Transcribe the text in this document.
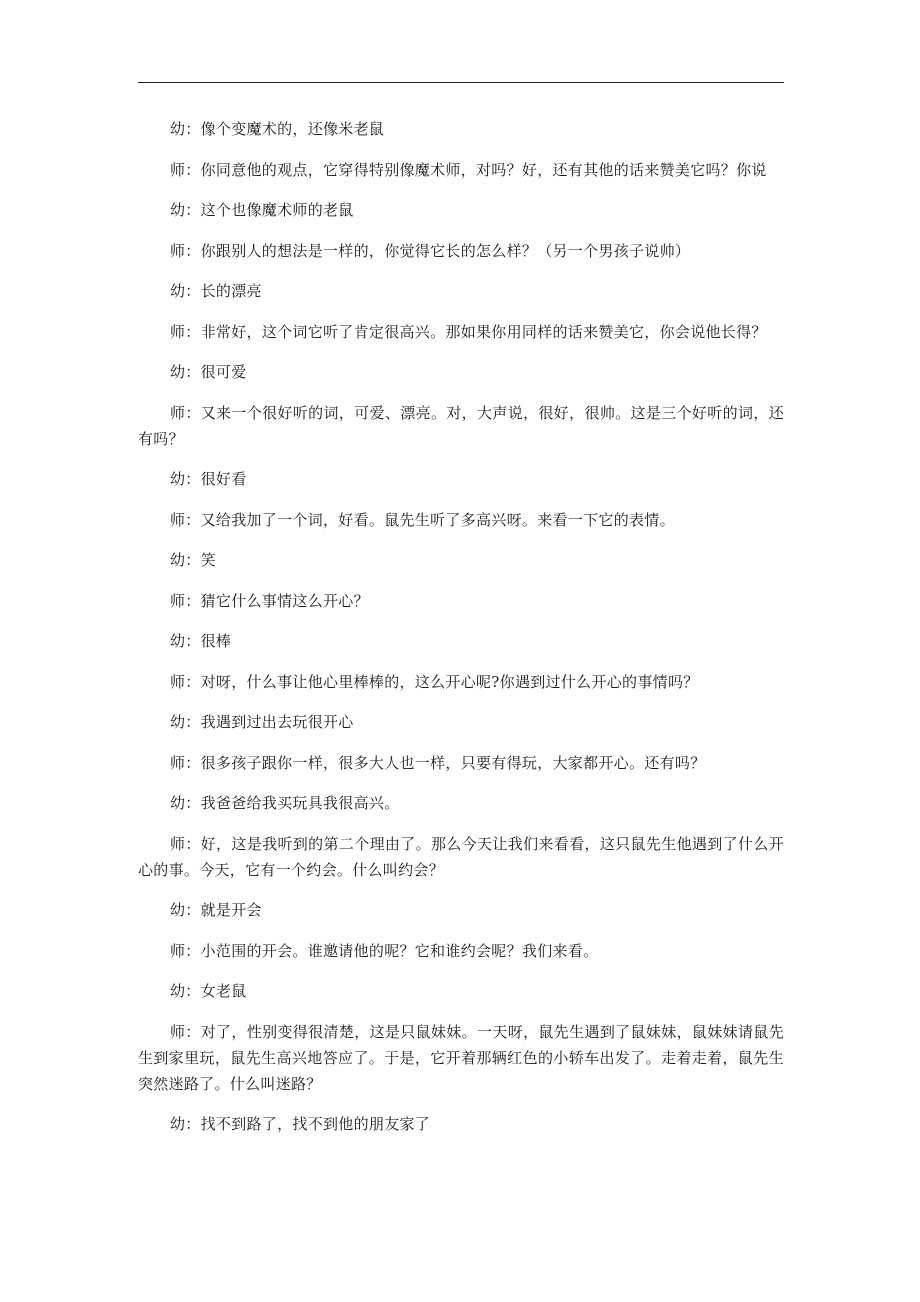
幼：像个变魔术的，还像米老鼠

师：你同意他的观点，它穿得特别像魔术师，对吗？好，还有其他的话来赞美它吗？你说

幼：这个也像魔术师的老鼠

师：你跟别人的想法是一样的，你觉得它长的怎么样？（另一个男孩子说帅）

幼：长的漂亮

师：非常好，这个词它听了肯定很高兴。那如果你用同样的话来赞美它，你会说他长得？

幼：很可爱

师：又来一个很好听的词，可爱、漂亮。对，大声说，很好，很帅。这是三个好听的词，还有吗？

幼：很好看

师：又给我加了一个词，好看。鼠先生听了多高兴呀。来看一下它的表情。

幼：笑

师：猜它什么事情这么开心？

幼：很棒

师：对呀，什么事让他心里棒棒的，这么开心呢?你遇到过什么开心的事情吗？

幼：我遇到过出去玩很开心

师：很多孩子跟你一样，很多大人也一样，只要有得玩，大家都开心。还有吗？

幼：我爸爸给我买玩具我很高兴。

师：好，这是我听到的第二个理由了。那么今天让我们来看看，这只鼠先生他遇到了什么开心的事。今天，它有一个约会。什么叫约会？

幼：就是开会

师：小范围的开会。谁邀请他的呢？它和谁约会呢？我们来看。

幼：女老鼠

师：对了，性别变得很清楚，这是只鼠妹妹。一天呀，鼠先生遇到了鼠妹妹，鼠妹妹请鼠先生到家里玩，鼠先生高兴地答应了。于是，它开着那辆红色的小轿车出发了。走着走着，鼠先生突然迷路了。什么叫迷路？

幼：找不到路了，找不到他的朋友家了
